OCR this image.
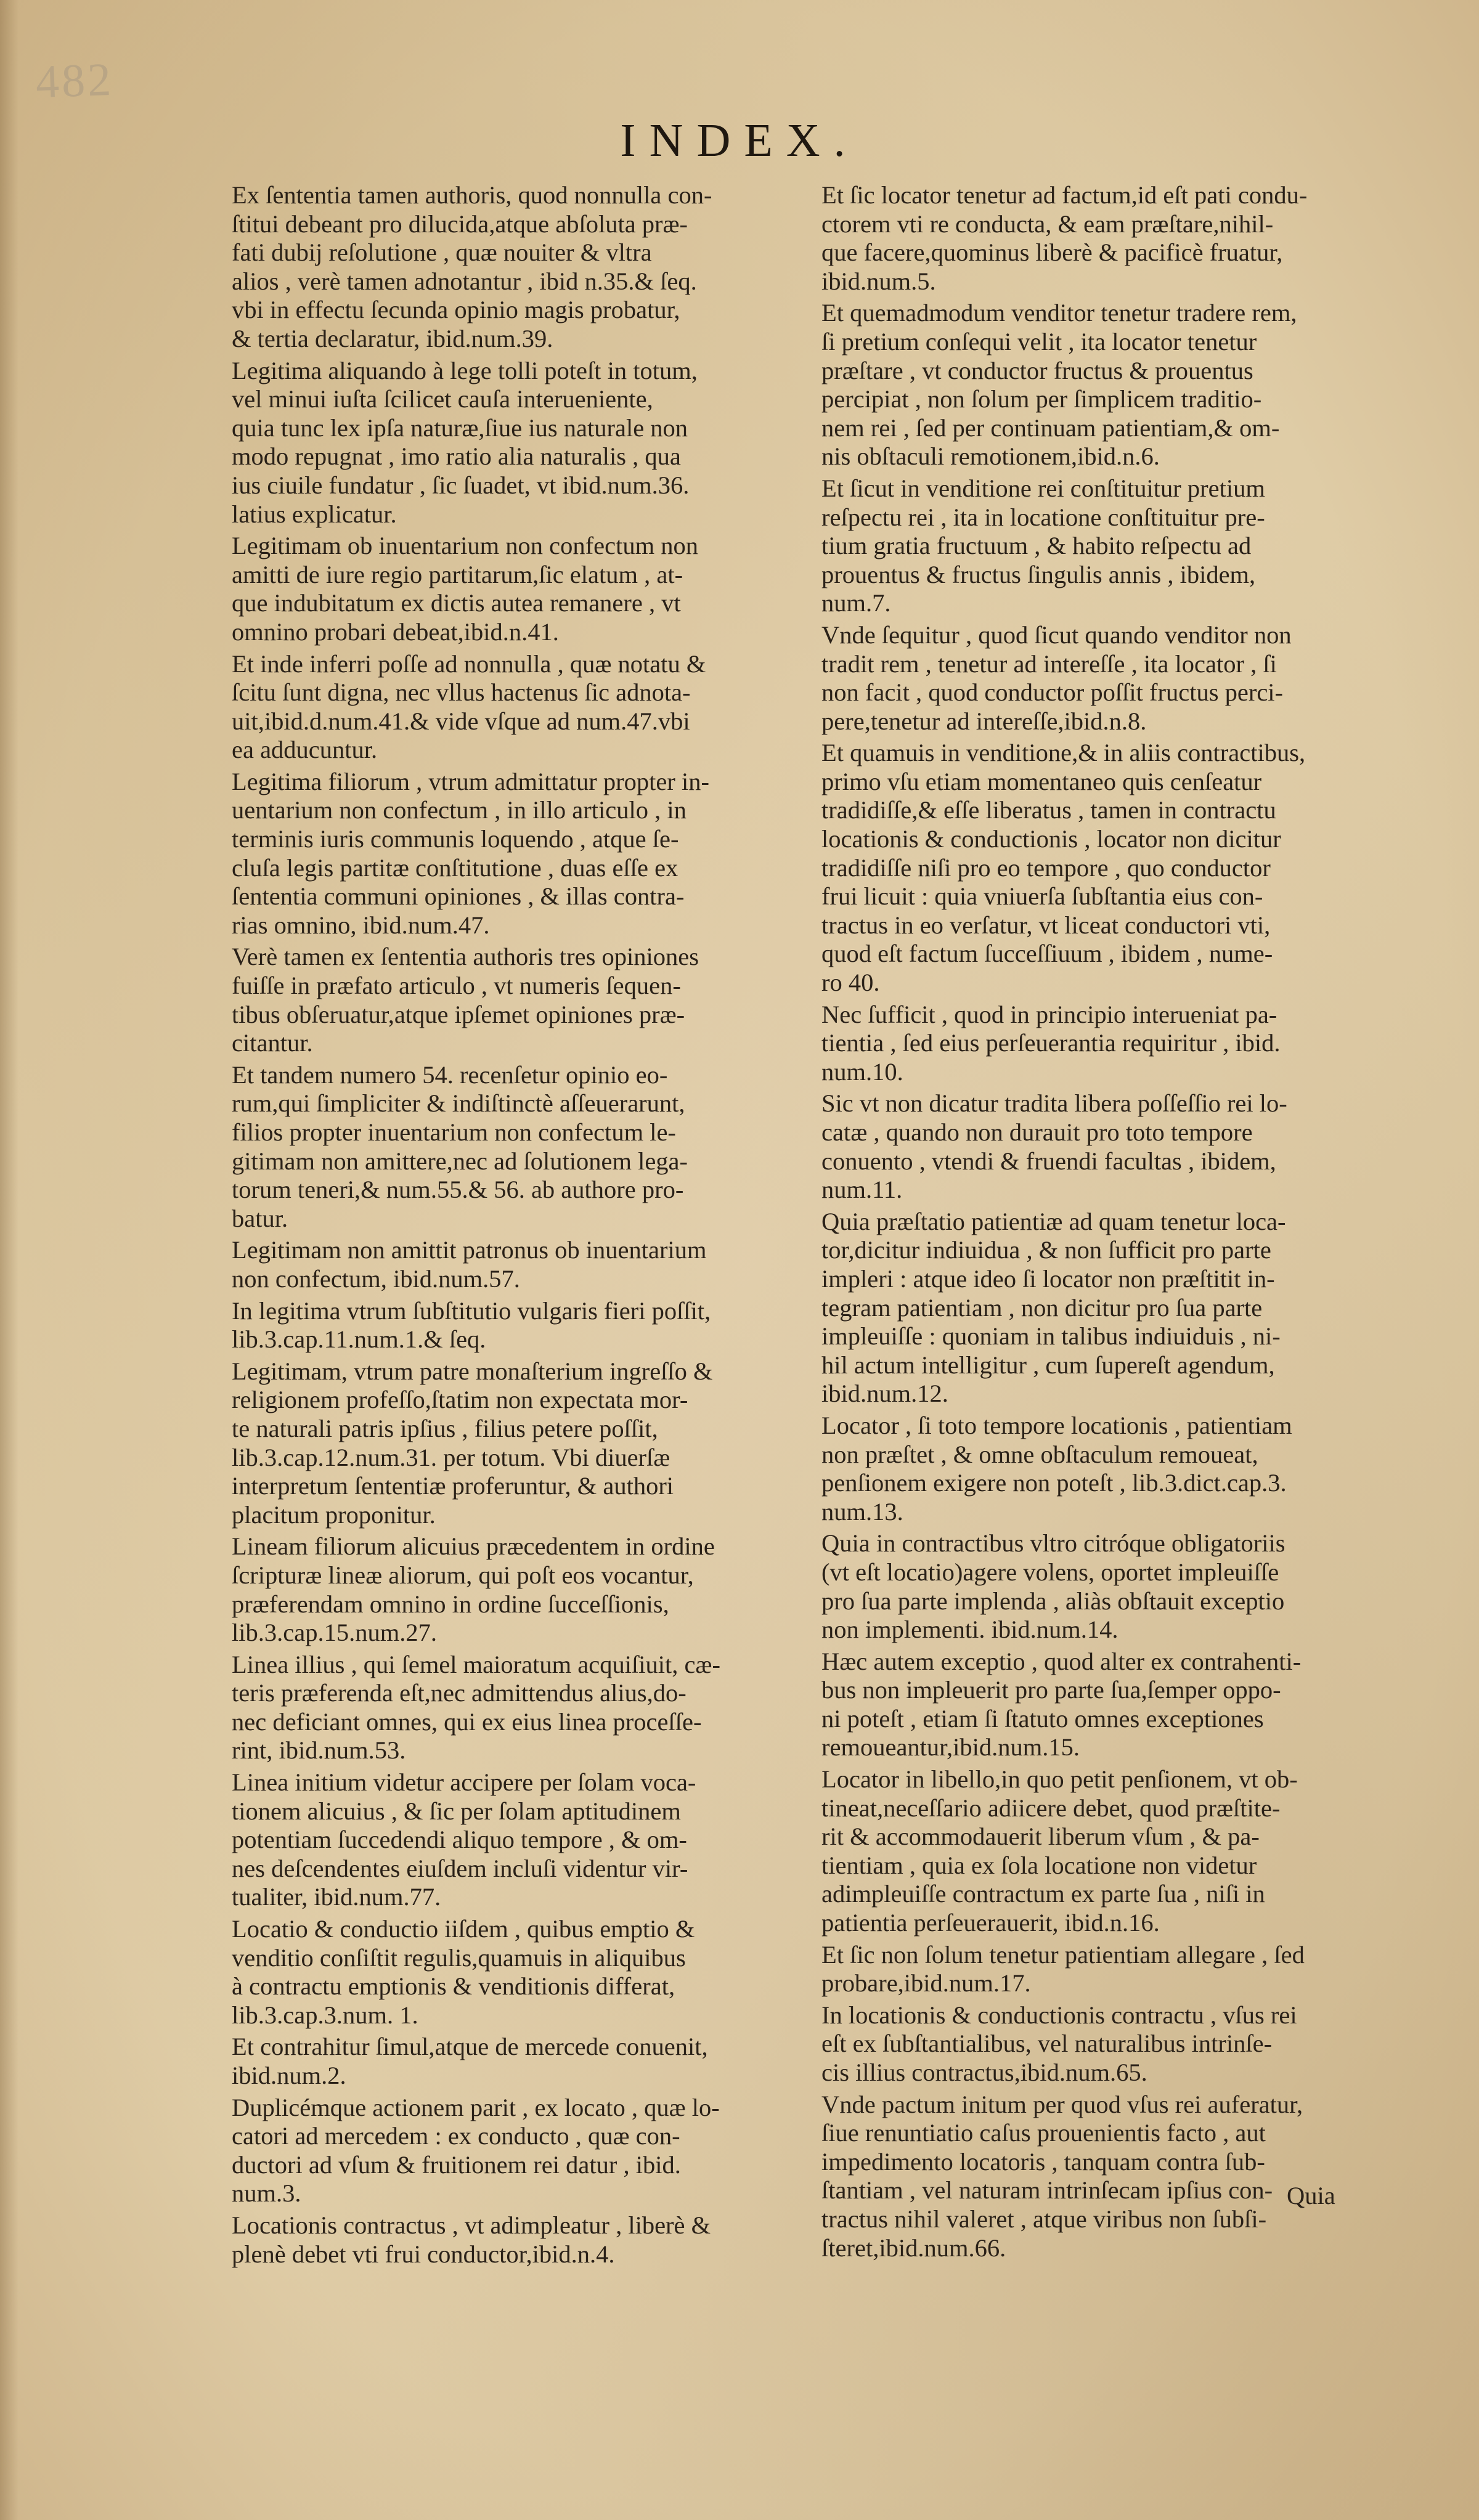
482
INDEX.
Ex ſententia tamen authoris, quod nonnulla con-
ſtitui debeant pro dilucida,atque abſoluta præ-
fati dubij reſolutione , quæ nouiter & vltra
alios , verè tamen adnotantur , ibid n.35.& ſeq.
vbi in effectu ſecunda opinio magis probatur,
& tertia declaratur, ibid.num.39.
Legitima aliquando à lege tolli poteſt in totum,
vel minui iuſta ſcilicet cauſa interueniente,
quia tunc lex ipſa naturæ,ſiue ius naturale non
modo repugnat , imo ratio alia naturalis , qua
ius ciuile fundatur , ſic ſuadet, vt ibid.num.36.
latius explicatur.
Legitimam ob inuentarium non confectum non
amitti de iure regio partitarum,ſic elatum , at-
que indubitatum ex dictis autea remanere , vt
omnino probari debeat,ibid.n.41.
Et inde inferri poſſe ad nonnulla , quæ notatu &
ſcitu ſunt digna, nec vllus hactenus ſic adnota-
uit,ibid.d.num.41.& vide vſque ad num.47.vbi
ea adducuntur.
Legitima filiorum , vtrum admittatur propter in-
uentarium non confectum , in illo articulo , in
terminis iuris communis loquendo , atque ſe-
cluſa legis partitæ conſtitutione , duas eſſe ex
ſententia communi opiniones , & illas contra-
rias omnino, ibid.num.47.
Verè tamen ex ſententia authoris tres opiniones
fuiſſe in præfato articulo , vt numeris ſequen-
tibus obſeruatur,atque ipſemet opiniones præ-
citantur.
Et tandem numero 54. recenſetur opinio eo-
rum,qui ſimpliciter & indiſtinctè aſſeuerarunt,
filios propter inuentarium non confectum le-
gitimam non amittere,nec ad ſolutionem lega-
torum teneri,& num.55.& 56. ab authore pro-
batur.
Legitimam non amittit patronus ob inuentarium
non confectum, ibid.num.57.
In legitima vtrum ſubſtitutio vulgaris fieri poſſit,
lib.3.cap.11.num.1.& ſeq.
Legitimam, vtrum patre monaſterium ingreſſo &
religionem profeſſo,ſtatim non expectata mor-
te naturali patris ipſius , filius petere poſſit,
lib.3.cap.12.num.31. per totum. Vbi diuerſæ
interpretum ſententiæ proferuntur, & authori
placitum proponitur.
Lineam filiorum alicuius præcedentem in ordine
ſcripturæ lineæ aliorum, qui poſt eos vocantur,
præferendam omnino in ordine ſucceſſionis,
lib.3.cap.15.num.27.
Linea illius , qui ſemel maioratum acquiſiuit, cæ-
teris præferenda eſt,nec admittendus alius,do-
nec deficiant omnes, qui ex eius linea proceſſe-
rint, ibid.num.53.
Linea initium videtur accipere per ſolam voca-
tionem alicuius , & ſic per ſolam aptitudinem
potentiam ſuccedendi aliquo tempore , & om-
nes deſcendentes eiuſdem incluſi videntur vir-
tualiter, ibid.num.77.
Locatio & conductio iiſdem , quibus emptio &
venditio conſiſtit regulis,quamuis in aliquibus
à contractu emptionis & venditionis differat,
lib.3.cap.3.num. 1.
Et contrahitur ſimul,atque de mercede conuenit,
ibid.num.2.
Duplicémque actionem parit , ex locato , quæ lo-
catori ad mercedem : ex conducto , quæ con-
ductori ad vſum & fruitionem rei datur , ibid.
num.3.
Locationis contractus , vt adimpleatur , liberè &
plenè debet vti frui conductor,ibid.n.4.
Et ſic locator tenetur ad factum,id eſt pati condu-
ctorem vti re conducta, & eam præſtare,nihil-
que facere,quominus liberè & pacificè fruatur,
ibid.num.5.
Et quemadmodum venditor tenetur tradere rem,
ſi pretium conſequi velit , ita locator tenetur
præſtare , vt conductor fructus & prouentus
percipiat , non ſolum per ſimplicem traditio-
nem rei , ſed per continuam patientiam,& om-
nis obſtaculi remotionem,ibid.n.6.
Et ſicut in venditione rei conſtituitur pretium
reſpectu rei , ita in locatione conſtituitur pre-
tium gratia fructuum , & habito reſpectu ad
prouentus & fructus ſingulis annis , ibidem,
num.7.
Vnde ſequitur , quod ſicut quando venditor non
tradit rem , tenetur ad intereſſe , ita locator , ſi
non facit , quod conductor poſſit fructus perci-
pere,tenetur ad intereſſe,ibid.n.8.
Et quamuis in venditione,& in aliis contractibus,
primo vſu etiam momentaneo quis cenſeatur
tradidiſſe,& eſſe liberatus , tamen in contractu
locationis & conductionis , locator non dicitur
tradidiſſe niſi pro eo tempore , quo conductor
frui licuit : quia vniuerſa ſubſtantia eius con-
tractus in eo verſatur, vt liceat conductori vti,
quod eſt factum ſucceſſiuum , ibidem , nume-
ro 40.
Nec ſufficit , quod in principio interueniat pa-
tientia , ſed eius perſeuerantia requiritur , ibid.
num.10.
Sic vt non dicatur tradita libera poſſeſſio rei lo-
catæ , quando non durauit pro toto tempore
conuento , vtendi & fruendi facultas , ibidem,
num.11.
Quia præſtatio patientiæ ad quam tenetur loca-
tor,dicitur indiuidua , & non ſufficit pro parte
impleri : atque ideo ſi locator non præſtitit in-
tegram patientiam , non dicitur pro ſua parte
impleuiſſe : quoniam in talibus indiuiduis , ni-
hil actum intelligitur , cum ſupereſt agendum,
ibid.num.12.
Locator , ſi toto tempore locationis , patientiam
non præſtet , & omne obſtaculum remoueat,
penſionem exigere non poteſt , lib.3.dict.cap.3.
num.13.
Quia in contractibus vltro citróque obligatoriis
(vt eſt locatio)agere volens, oportet impleuiſſe
pro ſua parte implenda , aliàs obſtauit exceptio
non implementi. ibid.num.14.
Hæc autem exceptio , quod alter ex contrahenti-
bus non impleuerit pro parte ſua,ſemper oppo-
ni poteſt , etiam ſi ſtatuto omnes exceptiones
remoueantur,ibid.num.15.
Locator in libello,in quo petit penſionem, vt ob-
tineat,neceſſario adiicere debet, quod præſtite-
rit & accommodauerit liberum vſum , & pa-
tientiam , quia ex ſola locatione non videtur
adimpleuiſſe contractum ex parte ſua , niſi in
patientia perſeuerauerit, ibid.n.16.
Et ſic non ſolum tenetur patientiam allegare , ſed
probare,ibid.num.17.
In locationis & conductionis contractu , vſus rei
eſt ex ſubſtantialibus, vel naturalibus intrinſe-
cis illius contractus,ibid.num.65.
Vnde pactum initum per quod vſus rei auferatur,
ſiue renuntiatio caſus prouenientis facto , aut
impedimento locatoris , tanquam contra ſub-
ſtantiam , vel naturam intrinſecam ipſius con-
tractus nihil valeret , atque viribus non ſubſi-
ſteret,ibid.num.66.
Quia
